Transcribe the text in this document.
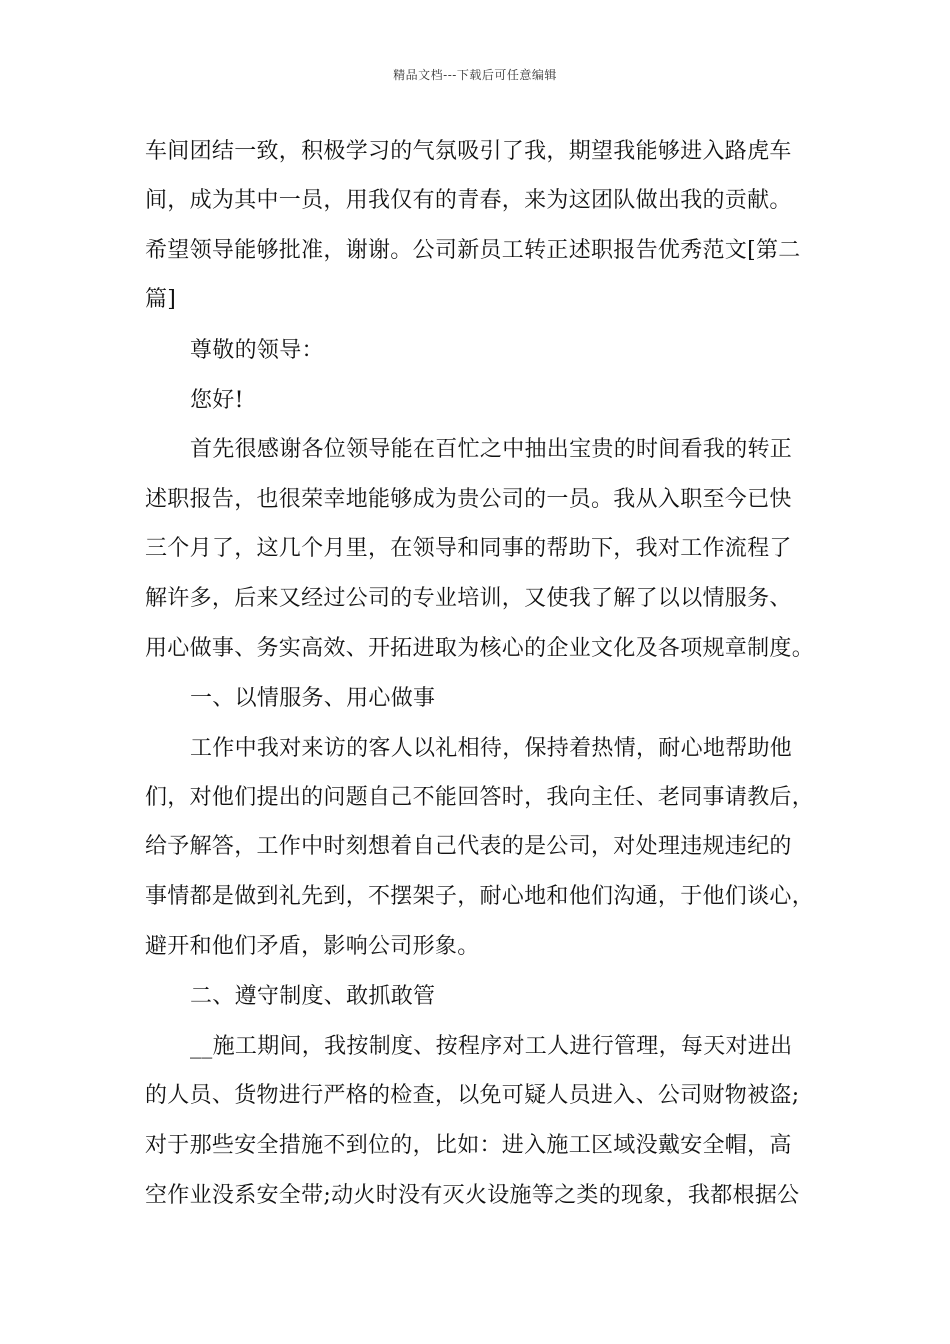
精品文档---下载后可任意编辑
车间团结一致，积极学习的气氛吸引了我，期望我能够进入路虎车
间，成为其中一员，用我仅有的青春，来为这团队做出我的贡献。
希望领导能够批准，谢谢。公司新员工转正述职报告优秀范文[第二
篇]
尊敬的领导：
您好!
首先很感谢各位领导能在百忙之中抽出宝贵的时间看我的转正
述职报告，也很荣幸地能够成为贵公司的一员。我从入职至今已快
三个月了，这几个月里，在领导和同事的帮助下，我对工作流程了
解许多，后来又经过公司的专业培训，又使我了解了以以情服务、
用心做事、务实高效、开拓进取为核心的企业文化及各项规章制度。
一、以情服务、用心做事
工作中我对来访的客人以礼相待，保持着热情，耐心地帮助他
们，对他们提出的问题自己不能回答时，我向主任、老同事请教后，
给予解答，工作中时刻想着自己代表的是公司，对处理违规违纪的
事情都是做到礼先到，不摆架子，耐心地和他们沟通，于他们谈心，
避开和他们矛盾，影响公司形象。
二、遵守制度、敢抓敢管
__施工期间，我按制度、按程序对工人进行管理，每天对进出
的人员、货物进行严格的检查，以免可疑人员进入、公司财物被盗;
对于那些安全措施不到位的，比如：进入施工区域没戴安全帽，高
空作业没系安全带;动火时没有灭火设施等之类的现象，我都根据公
